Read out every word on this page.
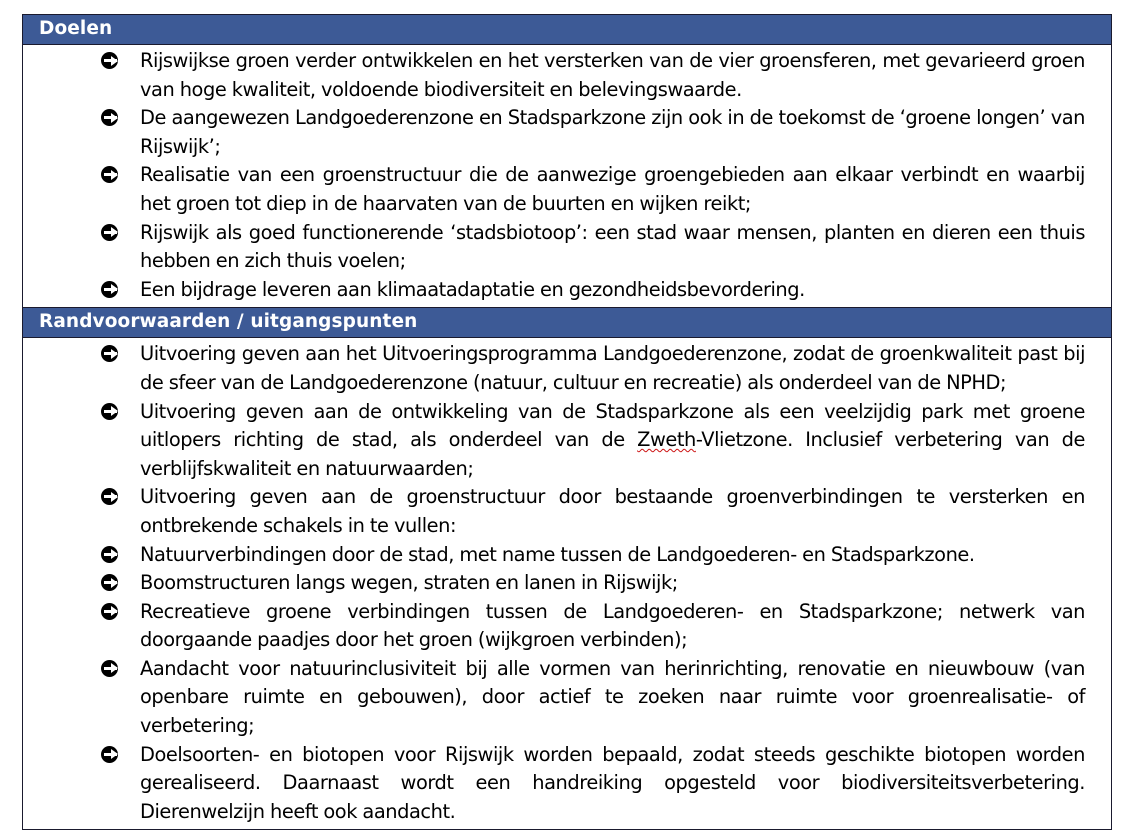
Doelen

Rijswijkse groen verder ontwikkelen en het versterken van de vier groensferen, met gevarieerd groen van hoge kwaliteit, voldoende biodiversiteit en belevingswaarde.
De aangewezen Landgoederenzone en Stadsparkzone zijn ook in de toekomst de ‘groene longen’ van Rijswijk’;
Realisatie van een groenstructuur die de aanwezige groengebieden aan elkaar verbindt en waarbij het groen tot diep in de haarvaten van de buurten en wijken reikt;
Rijswijk als goed functionerende ‘stadsbiotoop’: een stad waar mensen, planten en dieren een thuis hebben en zich thuis voelen;
Een bijdrage leveren aan klimaatadaptatie en gezondheidsbevordering.

Randvoorwaarden / uitgangspunten

Uitvoering geven aan het Uitvoeringsprogramma Landgoederenzone, zodat de groenkwaliteit past bij de sfeer van de Landgoederenzone (natuur, cultuur en recreatie) als onderdeel van de NPHD;
Uitvoering geven aan de ontwikkeling van de Stadsparkzone als een veelzijdig park met groene uitlopers richting de stad, als onderdeel van de Zweth-Vlietzone. Inclusief verbetering van de verblijfskwaliteit en natuurwaarden;
Uitvoering geven aan de groenstructuur door bestaande groenverbindingen te versterken en ontbrekende schakels in te vullen:
Natuurverbindingen door de stad, met name tussen de Landgoederen- en Stadsparkzone.
Boomstructuren langs wegen, straten en lanen in Rijswijk;
Recreatieve groene verbindingen tussen de Landgoederen- en Stadsparkzone; netwerk van doorgaande paadjes door het groen (wijkgroen verbinden);
Aandacht voor natuurinclusiviteit bij alle vormen van herinrichting, renovatie en nieuwbouw (van openbare ruimte en gebouwen), door actief te zoeken naar ruimte voor groenrealisatie- of verbetering;
Doelsoorten- en biotopen voor Rijswijk worden bepaald, zodat steeds geschikte biotopen worden gerealiseerd. Daarnaast wordt een handreiking opgesteld voor biodiversiteitsverbetering. Dierenwelzijn heeft ook aandacht.
